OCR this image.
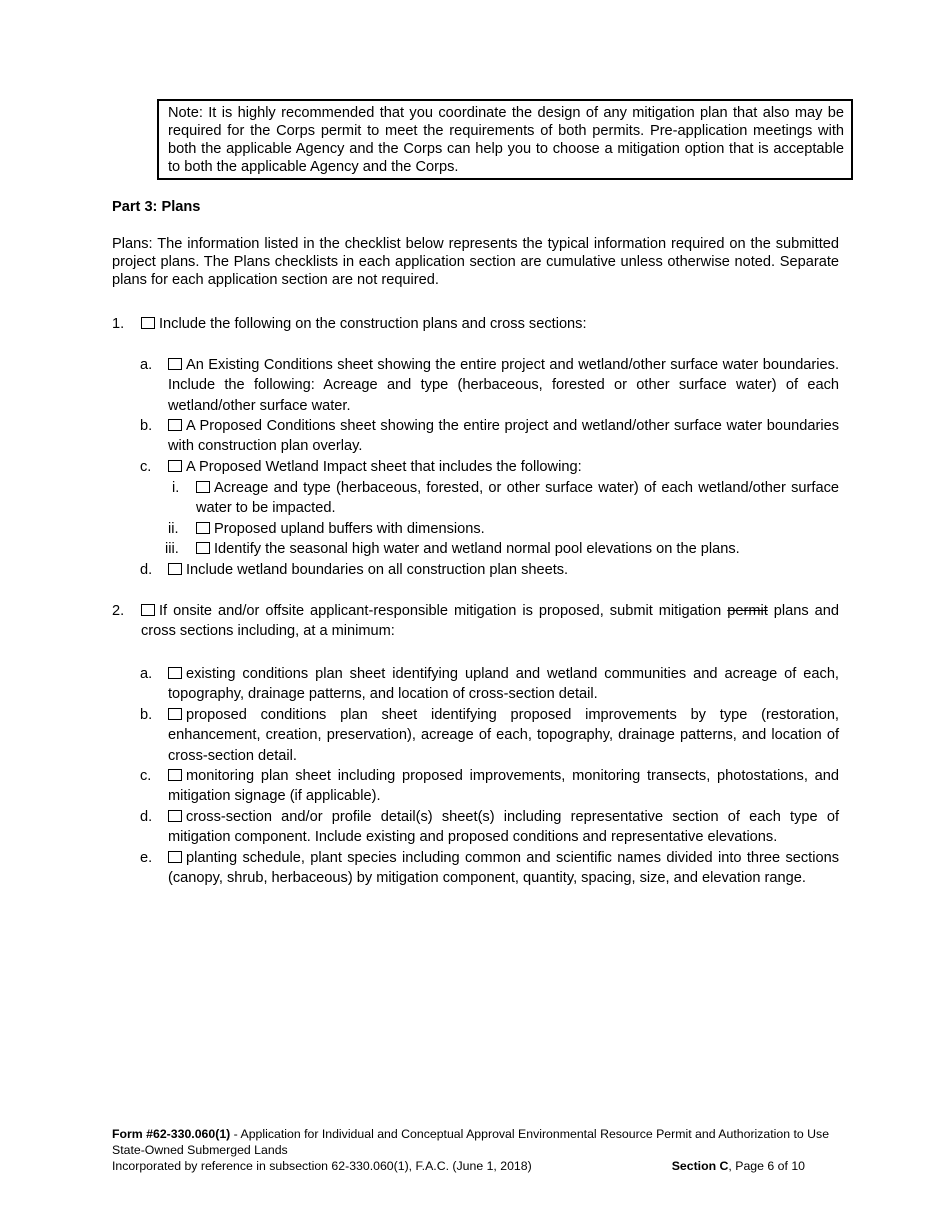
Note: It is highly recommended that you coordinate the design of any mitigation plan that also may be required for the Corps permit to meet the requirements of both permits. Pre-application meetings with both the applicable Agency and the Corps can help you to choose a mitigation option that is acceptable to both the applicable Agency and the Corps.
Part 3: Plans
Plans: The information listed in the checklist below represents the typical information required on the submitted project plans. The Plans checklists in each application section are cumulative unless otherwise noted. Separate plans for each application section are not required.
1.	Include the following on the construction plans and cross sections:
a.	An Existing Conditions sheet showing the entire project and wetland/other surface water boundaries. Include the following: Acreage and type (herbaceous, forested or other surface water) of each wetland/other surface water.
b.	A Proposed Conditions sheet showing the entire project and wetland/other surface water boundaries with construction plan overlay.
c.	A Proposed Wetland Impact sheet that includes the following:
i.	Acreage and type (herbaceous, forested, or other surface water) of each wetland/other surface water to be impacted.
ii.	Proposed upland buffers with dimensions.
iii.	Identify the seasonal high water and wetland normal pool elevations on the plans.
d.	Include wetland boundaries on all construction plan sheets.
2.	If onsite and/or offsite applicant-responsible mitigation is proposed, submit mitigation permit plans and cross sections including, at a minimum:
a.	existing conditions plan sheet identifying upland and wetland communities and acreage of each, topography, drainage patterns, and location of cross-section detail.
b.	proposed conditions plan sheet identifying proposed improvements by type (restoration, enhancement, creation, preservation), acreage of each, topography, drainage patterns, and location of cross-section detail.
c.	monitoring plan sheet including proposed improvements, monitoring transects, photostations, and mitigation signage (if applicable).
d.	cross-section and/or profile detail(s) sheet(s) including representative section of each type of mitigation component. Include existing and proposed conditions and representative elevations.
e.	planting schedule, plant species including common and scientific names divided into three sections (canopy, shrub, herbaceous) by mitigation component, quantity, spacing, size, and elevation range.
Form #62-330.060(1) - Application for Individual and Conceptual Approval Environmental Resource Permit and Authorization to Use State-Owned Submerged Lands
Incorporated by reference in subsection 62-330.060(1), F.A.C. (June 1, 2018)	Section C, Page 6 of 10
